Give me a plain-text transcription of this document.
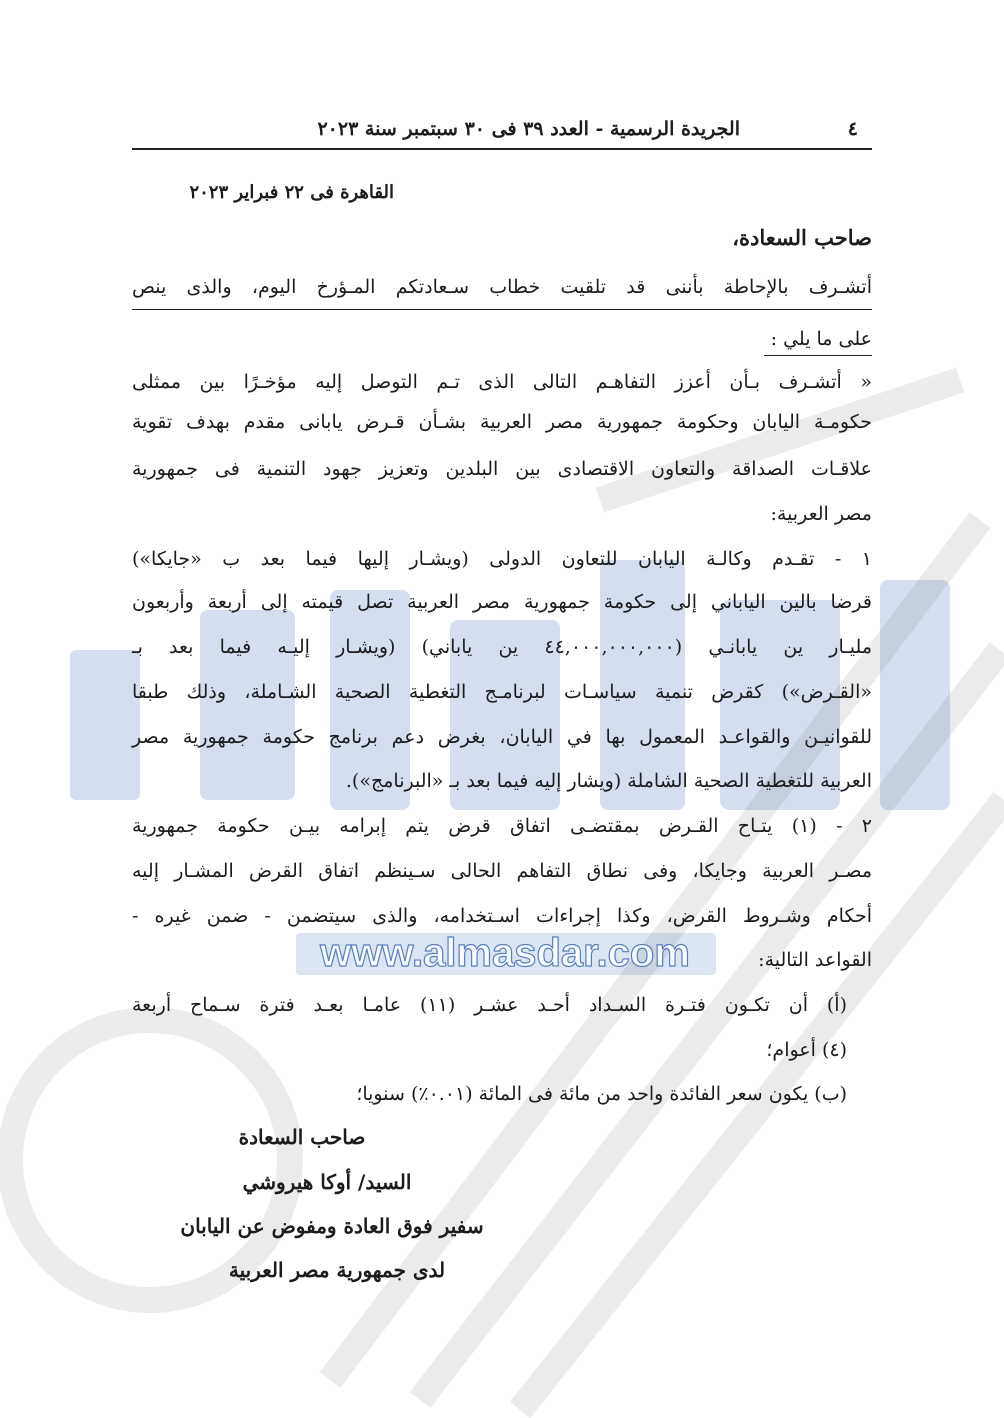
www.almasdar.com
٤
الجريدة الرسمية - العدد ٣٩ فى ٣٠ سبتمبر سنة ٢٠٢٣
القاهرة فى ٢٢ فبراير ٢٠٢٣
صاحب السعادة،
أتشـرف بالإحاطة بأننى قد تلقيت خطاب سـعادتكم المـؤرخ اليوم، والذى ينص
على ما يلي :
« أتشـرف بـأن أعزز التفاهـم التالى الذى تـم التوصل إليه مؤخـرًا بين ممثلى
حكومـة اليابان وحكومة جمهورية مصر العربية بشـأن قـرض يابانى مقدم بهدف تقوية
علاقـات الصداقة والتعاون الاقتصادى بين البلدين وتعزيز جهود التنمية فى جمهورية
مصر العربية:
١ - تقـدم وكالـة اليابان للتعاون الدولى (ويشـار إليها فيما بعد ب «جايكا»)
قرضا بالين الياباني إلى حكومة جمهورية مصر العربية تصل قيمته إلى أربعة وأربعون
مليـار ين يابانـي (٤٤,٠٠٠,٠٠٠,٠٠٠ ين ياباني) (ويشـار إليـه فيما بعد بـ
«القـرض») كقرض تنمية سياسـات لبرنامـج التغطية الصحية الشـاملة، وذلك طبقا
للقوانيـن والقواعـد المعمول بها في اليابان، بغرض دعم برنامج حكومة جمهورية مصر
العربية للتغطية الصحية الشاملة (ويشار إليه فيما بعد بـ «البرنامج»).
٢ - (١) يتـاح القـرض بمقتضـى اتفاق قرض يتم إبرامه بيـن حكومة جمهورية
مصـر العربية وجايكا، وفى نطاق التفاهم الحالى سـينظم اتفاق القرض المشـار إليه
أحكام وشـروط القرض، وكذا إجراءات اسـتخدامه، والذى سيتضمن - ضمن غيره -
القواعد التالية:
(أ) أن تكـون فتـرة السـداد أحـد عشـر (١١) عامـا بعـد فترة سـماح أربعة
(٤) أعوام؛
(ب) يكون سعر الفائدة واحد من مائة فى المائة (٠.٠١٪) سنويا؛
صاحب السعادة
السيد/ أوكا هيروشي
سفير فوق العادة ومفوض عن اليابان
لدى جمهورية مصر العربية
